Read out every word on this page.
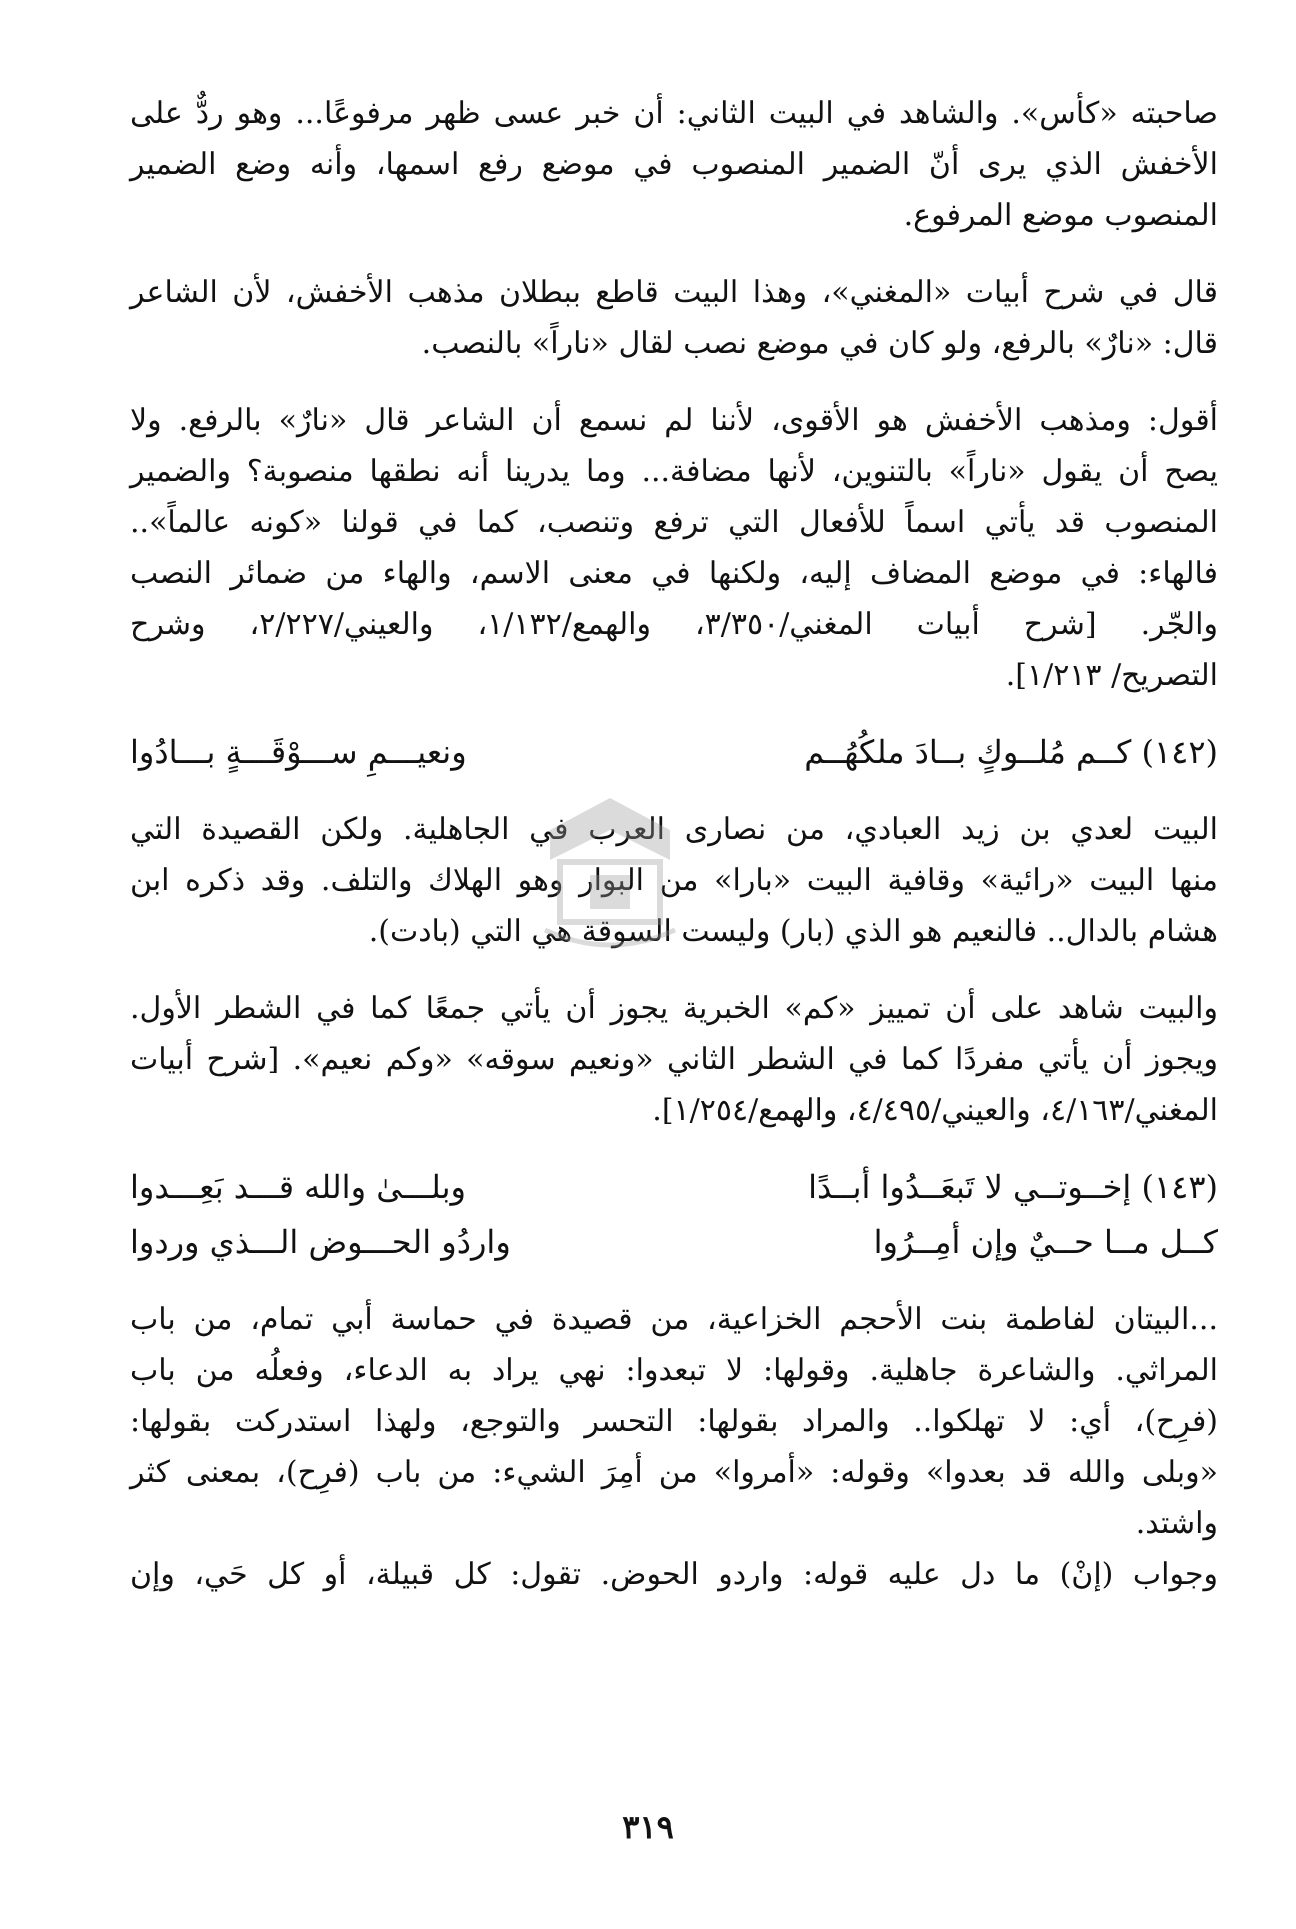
صاحبته «كأس». والشاهد في البيت الثاني: أن خبر عسى ظهر مرفوعًا... وهو ردٌّ على
الأخفش الذي يرى أنّ الضمير المنصوب في موضع رفع اسمها، وأنه وضع الضمير
المنصوب موضع المرفوع.
قال في شرح أبيات «المغني»، وهذا البيت قاطع ببطلان مذهب الأخفش، لأن الشاعر
قال: «نارٌ» بالرفع، ولو كان في موضع نصب لقال «ناراً» بالنصب.
أقول: ومذهب الأخفش هو الأقوى، لأننا لم نسمع أن الشاعر قال «نارٌ» بالرفع. ولا
يصح أن يقول «ناراً» بالتنوين، لأنها مضافة... وما يدرينا أنه نطقها منصوبة؟ والضمير
المنصوب قد يأتي اسماً للأفعال التي ترفع وتنصب، كما في قولنا «كونه عالماً»..
فالهاء: في موضع المضاف إليه، ولكنها في معنى الاسم، والهاء من ضمائر النصب
والجّر. [شرح أبيات المغني/٣/٣٥٠، والهمع/١/١٣٢، والعيني/٢/٢٢٧، وشرح
التصريح/ ١/٢١٣].
(١٤٢) كــم مُلــوكٍ بــادَ ملكُهُــم
ونعيـــمِ ســـوْقَـــةٍ بـــادُوا
البيت لعدي بن زيد العبادي، من نصارى العرب في الجاهلية. ولكن القصيدة التي
منها البيت «رائية» وقافية البيت «بارا» من البوار وهو الهلاك والتلف. وقد ذكره ابن
هشام بالدال.. فالنعيم هو الذي (بار) وليست السوقة هي التي (بادت).
والبيت شاهد على أن تمييز «كم» الخبرية يجوز أن يأتي جمعًا كما في الشطر الأول.
ويجوز أن يأتي مفردًا كما في الشطر الثاني «ونعيم سوقه» «وكم نعيم». [شرح أبيات
المغني/٤/١٦٣، والعيني/٤/٤٩٥، والهمع/١/٢٥٤].
(١٤٣) إخــوتــي لا تَبعَــدُوا أبــدًا
وبلـــىٰ والله قـــد بَعِـــدوا
كــل مــا حــيٌ وإن أمِــرُوا
واردُو الحـــوض الـــذي وردوا
...البيتان لفاطمة بنت الأحجم الخزاعية، من قصيدة في حماسة أبي تمام، من باب
المراثي. والشاعرة جاهلية. وقولها: لا تبعدوا: نهي يراد به الدعاء، وفعلُه من باب
(فرِح)، أي: لا تهلكوا.. والمراد بقولها: التحسر والتوجع، ولهذا استدركت بقولها:
«وبلى والله قد بعدوا» وقوله: «أمروا» من أمِرَ الشيء: من باب (فرِح)، بمعنى كثر واشتد.
وجواب (إنْ) ما دل عليه قوله: واردو الحوض. تقول: كل قبيلة، أو كل حَي، وإن
٣١٩
